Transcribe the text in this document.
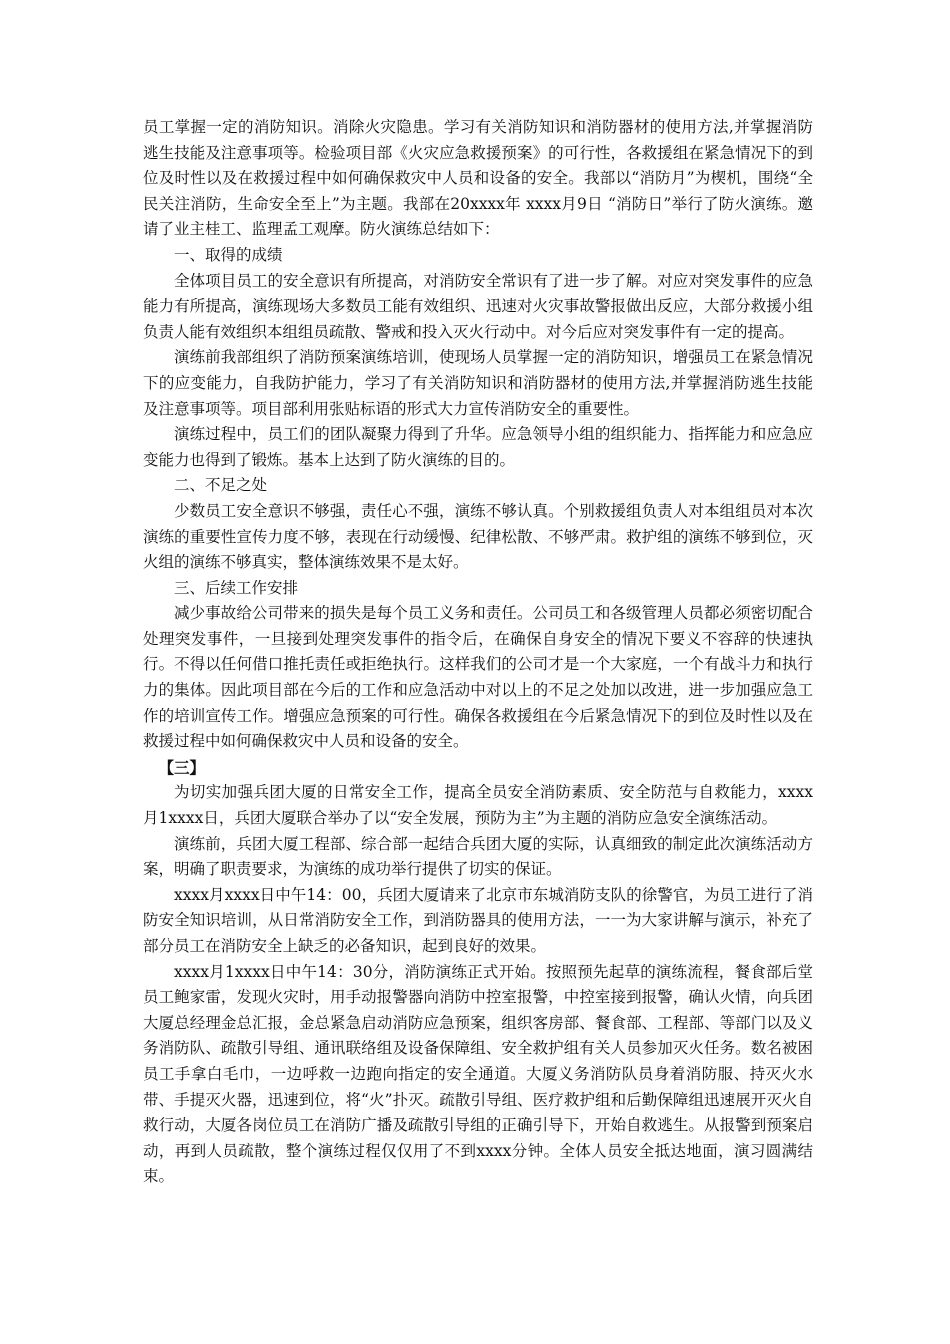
员工掌握一定的消防知识。消除火灾隐患。学习有关消防知识和消防器材的使用方法,并掌握消防逃生技能及注意事项等。检验项目部《火灾应急救援预案》的可行性，各救援组在紧急情况下的到位及时性以及在救援过程中如何确保救灾中人员和设备的安全。我部以“消防月”为楔机，围绕“全民关注消防，生命安全至上”为主题。我部在20xxxx年 xxxx月9日 “消防日”举行了防火演练。邀请了业主桂工、监理孟工观摩。防火演练总结如下：

一、取得的成绩

全体项目员工的安全意识有所提高，对消防安全常识有了进一步了解。对应对突发事件的应急能力有所提高，演练现场大多数员工能有效组织、迅速对火灾事故警报做出反应，大部分救援小组负责人能有效组织本组组员疏散、警戒和投入灭火行动中。对今后应对突发事件有一定的提高。

演练前我部组织了消防预案演练培训，使现场人员掌握一定的消防知识，增强员工在紧急情况下的应变能力，自我防护能力，学习了有关消防知识和消防器材的使用方法,并掌握消防逃生技能及注意事项等。项目部利用张贴标语的形式大力宣传消防安全的重要性。

演练过程中，员工们的团队凝聚力得到了升华。应急领导小组的组织能力、指挥能力和应急应变能力也得到了锻炼。基本上达到了防火演练的目的。

二、不足之处

少数员工安全意识不够强，责任心不强，演练不够认真。个别救援组负责人对本组组员对本次演练的重要性宣传力度不够，表现在行动缓慢、纪律松散、不够严肃。救护组的演练不够到位，灭火组的演练不够真实，整体演练效果不是太好。

三、后续工作安排

减少事故给公司带来的损失是每个员工义务和责任。公司员工和各级管理人员都必须密切配合处理突发事件，一旦接到处理突发事件的指令后，在确保自身安全的情况下要义不容辞的快速执行。不得以任何借口推托责任或拒绝执行。这样我们的公司才是一个大家庭，一个有战斗力和执行力的集体。因此项目部在今后的工作和应急活动中对以上的不足之处加以改进，进一步加强应急工作的培训宣传工作。增强应急预案的可行性。确保各救援组在今后紧急情况下的到位及时性以及在救援过程中如何确保救灾中人员和设备的安全。

【三】

为切实加强兵团大厦的日常安全工作，提高全员安全消防素质、安全防范与自救能力，xxxx月1xxxx日，兵团大厦联合举办了以“安全发展，预防为主”为主题的消防应急安全演练活动。

演练前，兵团大厦工程部、综合部一起结合兵团大厦的实际，认真细致的制定此次演练活动方案，明确了职责要求，为演练的成功举行提供了切实的保证。

xxxx月xxxx日中午14：00，兵团大厦请来了北京市东城消防支队的徐警官，为员工进行了消防安全知识培训，从日常消防安全工作，到消防器具的使用方法，一一为大家讲解与演示，补充了部分员工在消防安全上缺乏的必备知识，起到良好的效果。

xxxx月1xxxx日中午14：30分，消防演练正式开始。按照预先起草的演练流程，餐食部后堂员工鲍家雷，发现火灾时，用手动报警器向消防中控室报警，中控室接到报警，确认火情，向兵团大厦总经理金总汇报，金总紧急启动消防应急预案，组织客房部、餐食部、工程部、等部门以及义务消防队、疏散引导组、通讯联络组及设备保障组、安全救护组有关人员参加灭火任务。数名被困员工手拿白毛巾，一边呼救一边跑向指定的安全通道。大厦义务消防队员身着消防服、持灭火水带、手提灭火器，迅速到位，将“火”扑灭。疏散引导组、医疗救护组和后勤保障组迅速展开灭火自救行动，大厦各岗位员工在消防广播及疏散引导组的正确引导下，开始自救逃生。从报警到预案启动，再到人员疏散，整个演练过程仅仅用了不到xxxx分钟。全体人员安全抵达地面，演习圆满结束。
